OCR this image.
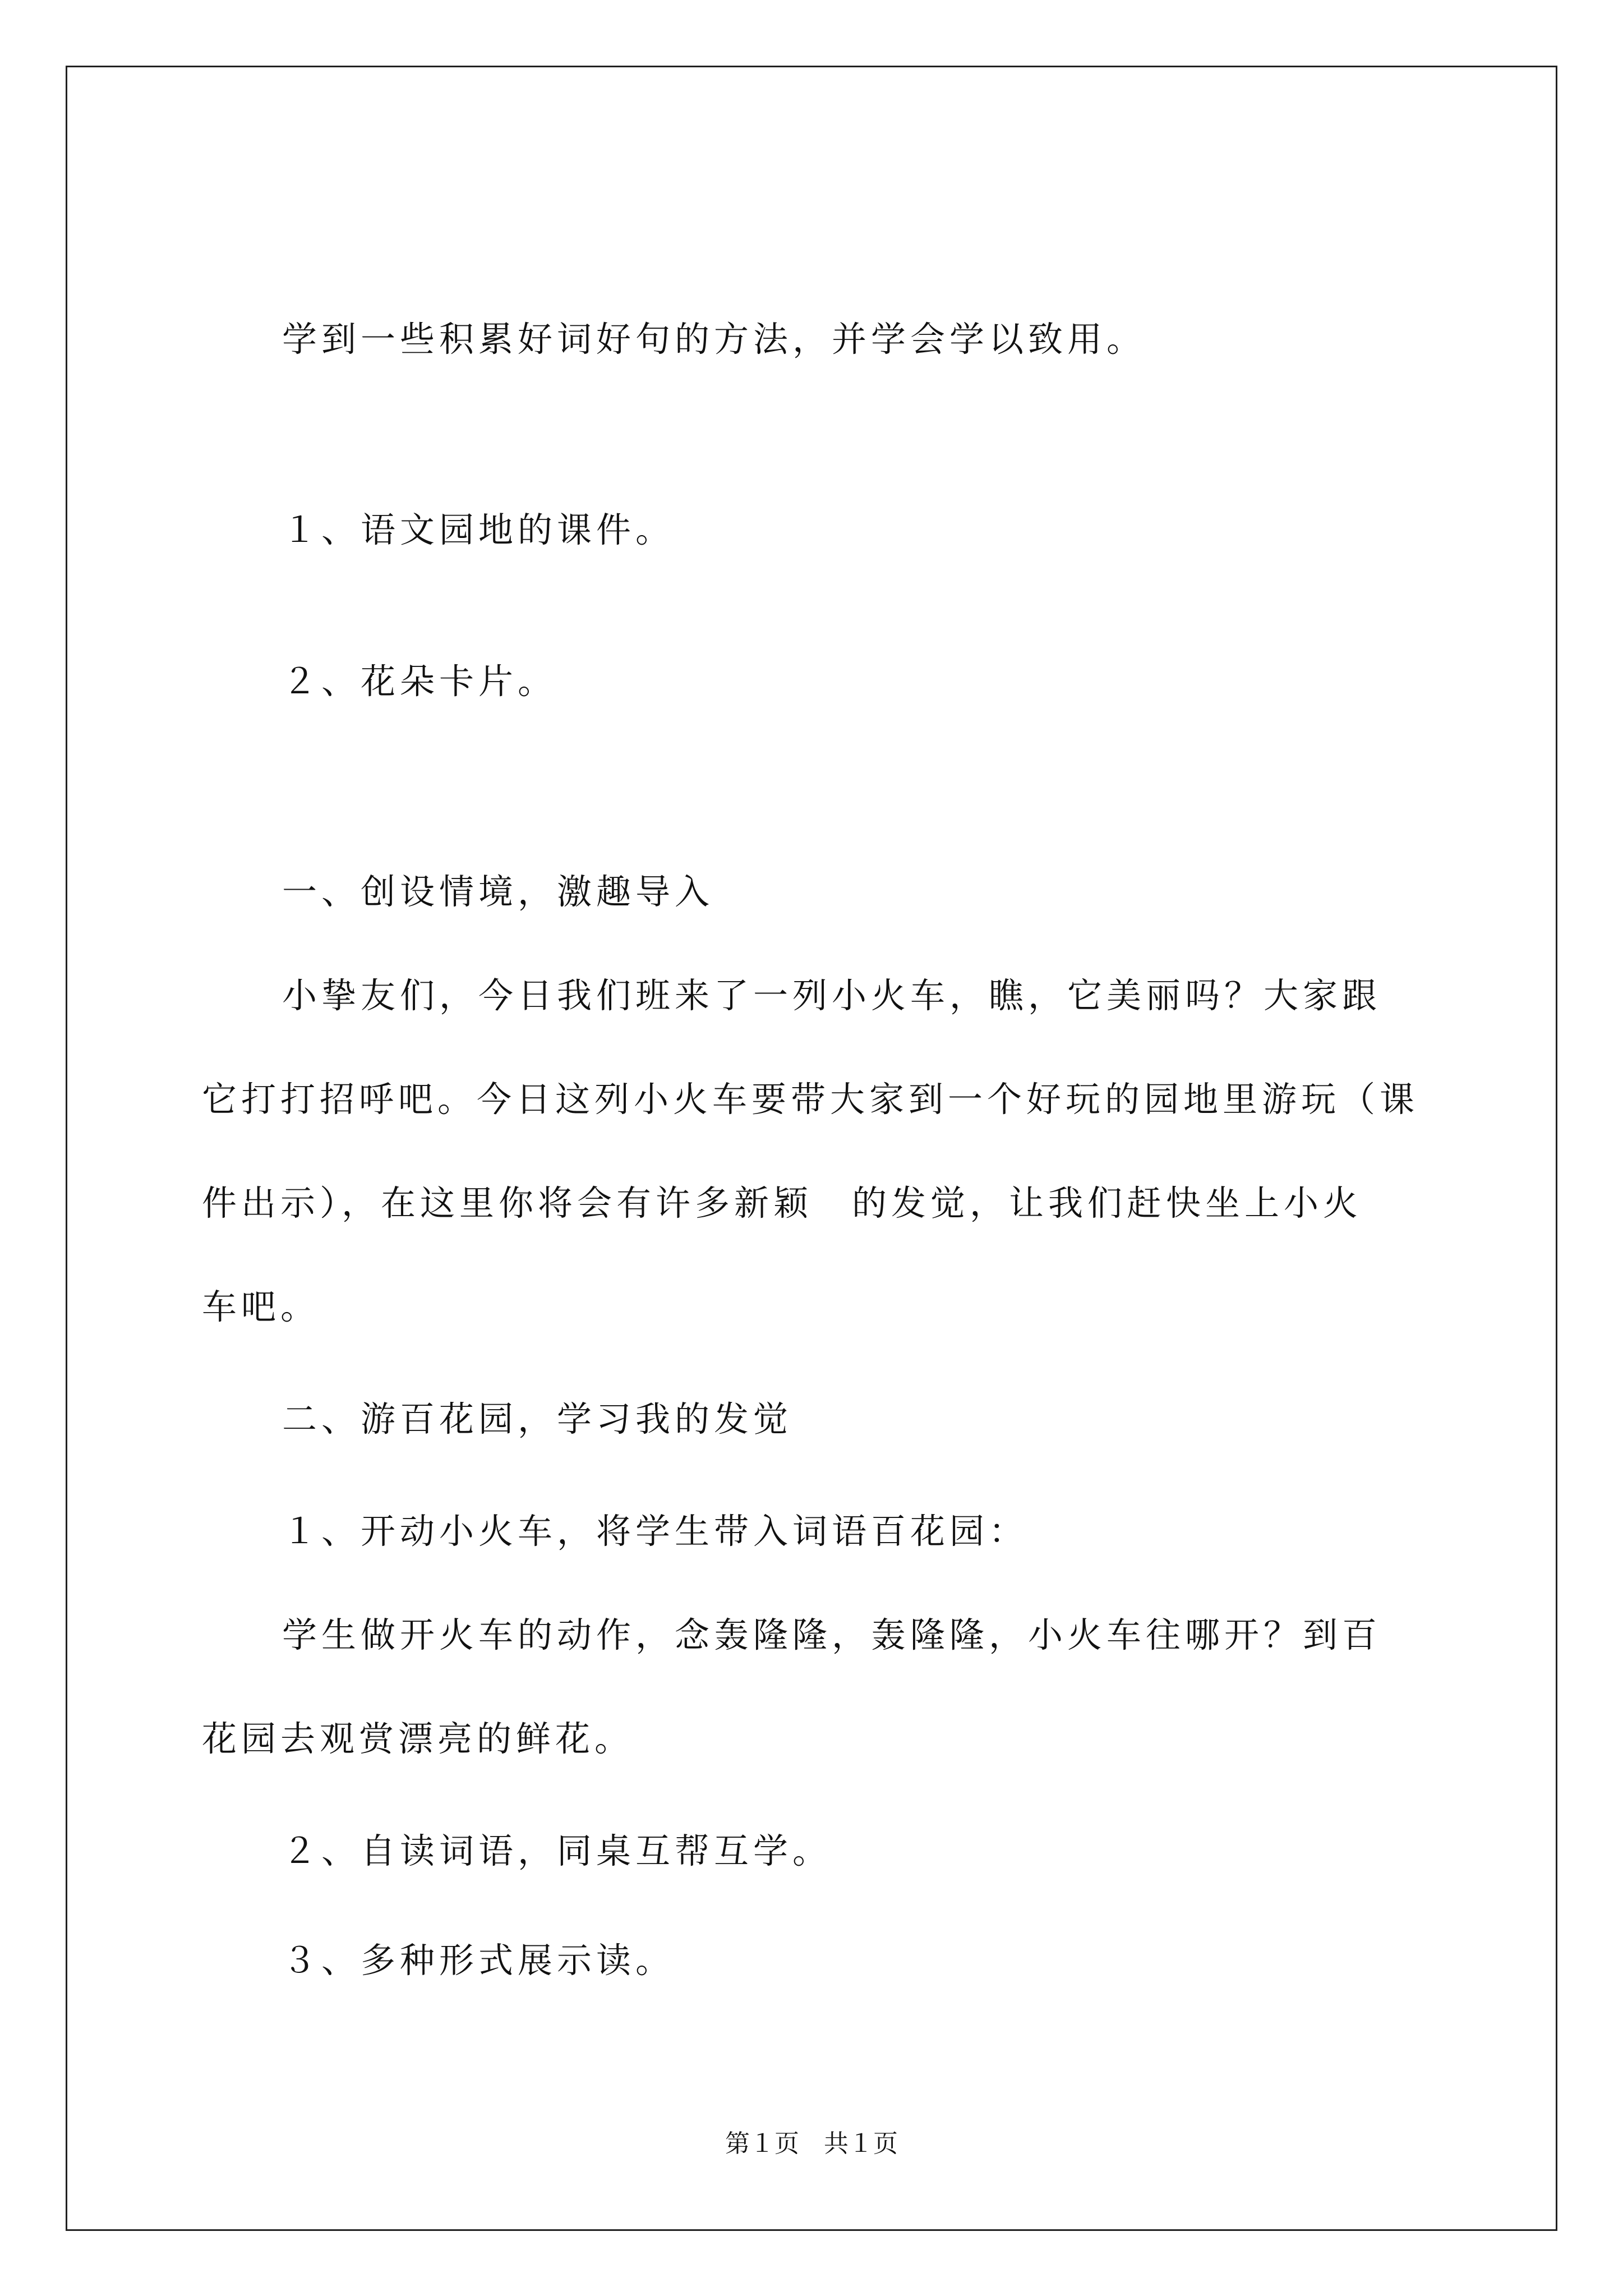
学到一些积累好词好句的方法，并学会学以致用。

１、语文园地的课件。

２、花朵卡片。

一、创设情境，激趣导入

小挚友们，今日我们班来了一列小火车，瞧，它美丽吗？大家跟

它打打招呼吧。今日这列小火车要带大家到一个好玩的园地里游玩（课

件出示），在这里你将会有许多新颖　的发觉，让我们赶快坐上小火

车吧。

二、游百花园，学习我的发觉

１、开动小火车，将学生带入词语百花园：

学生做开火车的动作，念轰隆隆，轰隆隆，小火车往哪开？到百

花园去观赏漂亮的鲜花。

２、自读词语，同桌互帮互学。

３、多种形式展示读。

第１页　共１页
